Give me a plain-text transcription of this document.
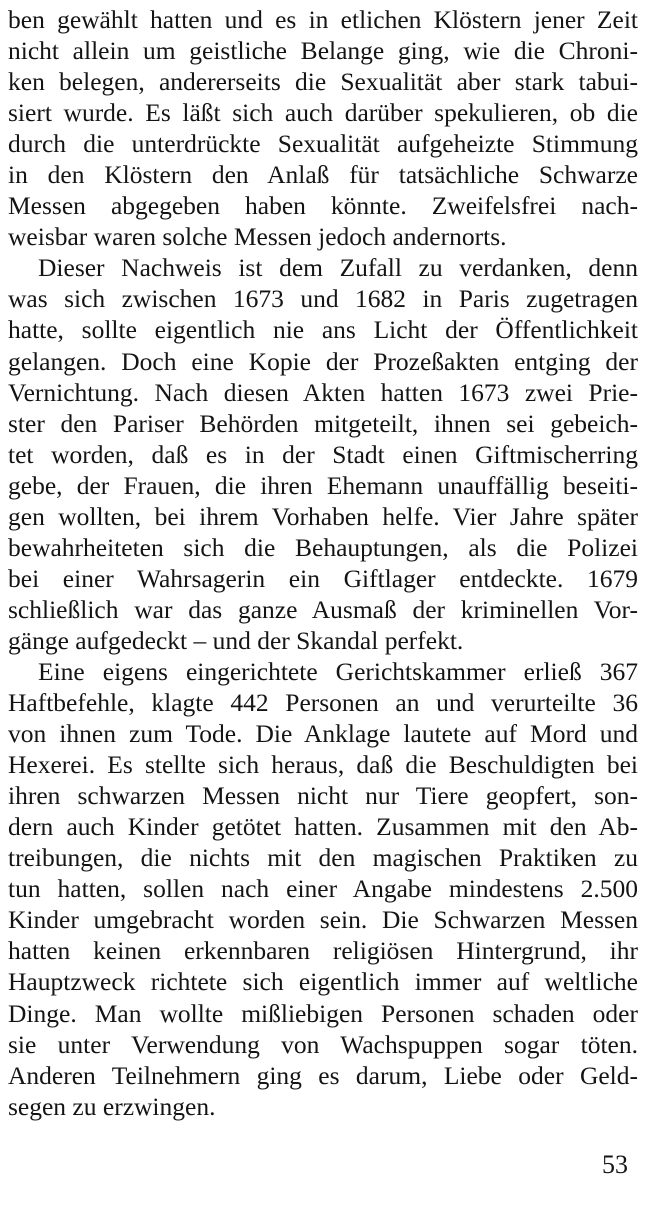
ben gewählt hatten und es in etlichen Klöstern jener Zeit
nicht allein um geistliche Belange ging, wie die Chroni-
ken belegen, andererseits die Sexualität aber stark tabui-
siert wurde. Es läßt sich auch darüber spekulieren, ob die
durch die unterdrückte Sexualität aufgeheizte Stimmung
in den Klöstern den Anlaß für tatsächliche Schwarze
Messen abgegeben haben könnte. Zweifelsfrei nach-
weisbar waren solche Messen jedoch andernorts.
Dieser Nachweis ist dem Zufall zu verdanken, denn
was sich zwischen 1673 und 1682 in Paris zugetragen
hatte, sollte eigentlich nie ans Licht der Öffentlichkeit
gelangen. Doch eine Kopie der Prozeßakten entging der
Vernichtung. Nach diesen Akten hatten 1673 zwei Prie-
ster den Pariser Behörden mitgeteilt, ihnen sei gebeich-
tet worden, daß es in der Stadt einen Giftmischerring
gebe, der Frauen, die ihren Ehemann unauffällig beseiti-
gen wollten, bei ihrem Vorhaben helfe. Vier Jahre später
bewahrheiteten sich die Behauptungen, als die Polizei
bei einer Wahrsagerin ein Giftlager entdeckte. 1679
schließlich war das ganze Ausmaß der kriminellen Vor-
gänge aufgedeckt – und der Skandal perfekt.
Eine eigens eingerichtete Gerichtskammer erließ 367
Haftbefehle, klagte 442 Personen an und verurteilte 36
von ihnen zum Tode. Die Anklage lautete auf Mord und
Hexerei. Es stellte sich heraus, daß die Beschuldigten bei
ihren schwarzen Messen nicht nur Tiere geopfert, son-
dern auch Kinder getötet hatten. Zusammen mit den Ab-
treibungen, die nichts mit den magischen Praktiken zu
tun hatten, sollen nach einer Angabe mindestens 2.500
Kinder umgebracht worden sein. Die Schwarzen Messen
hatten keinen erkennbaren religiösen Hintergrund, ihr
Hauptzweck richtete sich eigentlich immer auf weltliche
Dinge. Man wollte mißliebigen Personen schaden oder
sie unter Verwendung von Wachspuppen sogar töten.
Anderen Teilnehmern ging es darum, Liebe oder Geld-
segen zu erzwingen.
53
